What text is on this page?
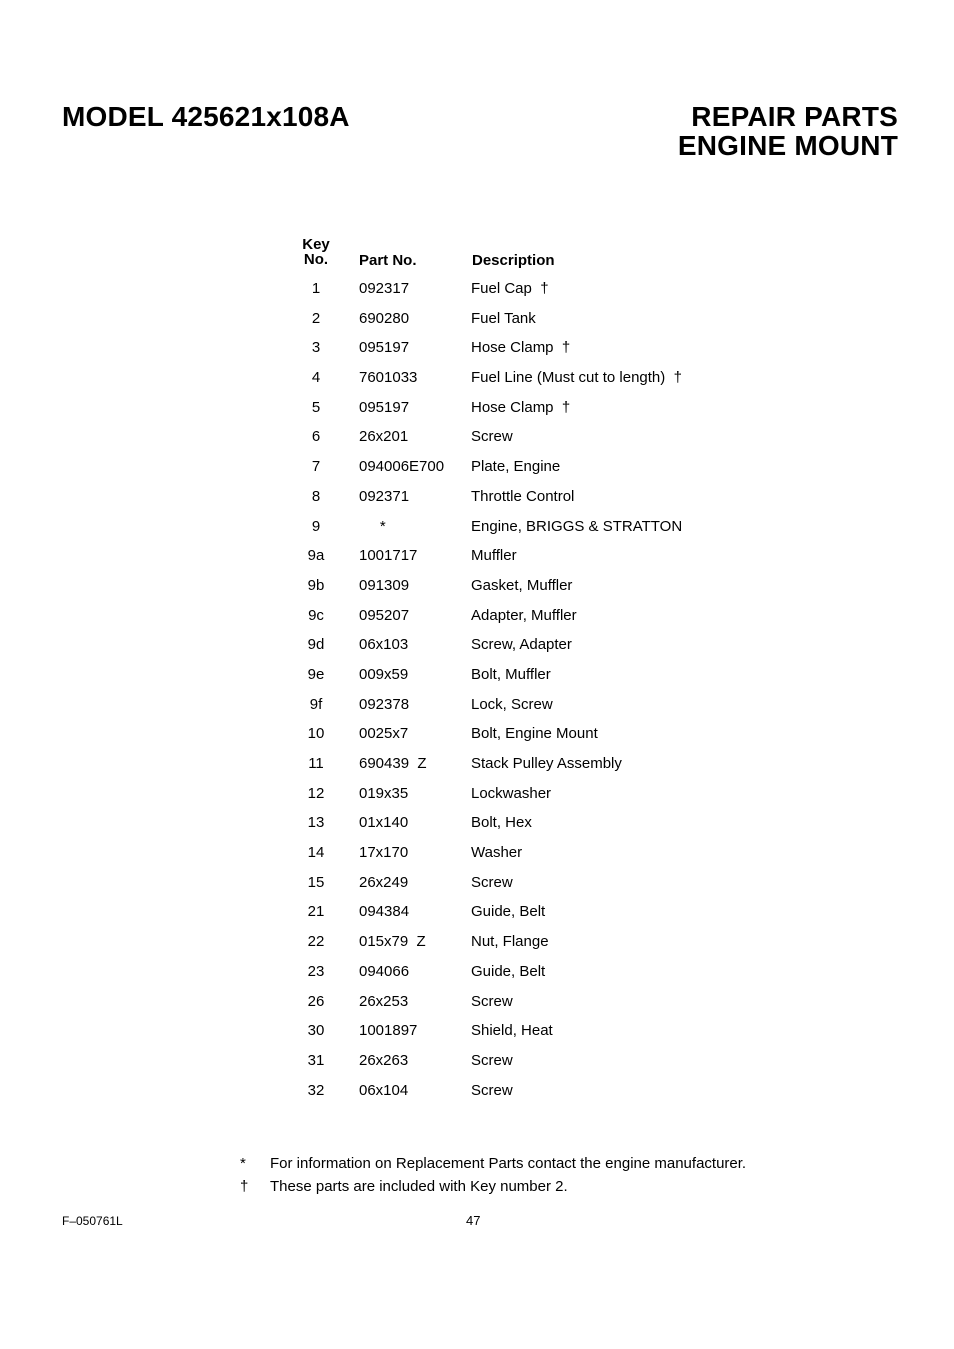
MODEL 425621x108A	REPAIR PARTS
ENGINE MOUNT
Key
No.	Part No.	Description
1	092317	Fuel Cap  †
2	690280	Fuel Tank
3	095197	Hose Clamp  †
4	7601033	Fuel Line (Must cut to length)  †
5	095197	Hose Clamp  †
6	26x201	Screw
7	094006E700 Plate, Engine
8	092371	Throttle Control
9	*	Engine, BRIGGS & STRATTON
9a	1001717	Muffler
9b	091309	Gasket, Muffler
9c	095207	Adapter, Muffler
9d	06x103	Screw, Adapter
9e	009x59	Bolt, Muffler
9f	092378	Lock, Screw
10	0025x7	Bolt, Engine Mount
11	690439  Z	Stack Pulley Assembly
12	019x35	Lockwasher
13	01x140	Bolt, Hex
14	17x170	Washer
15	26x249	Screw
21	094384	Guide, Belt
22	015x79  Z	Nut, Flange
23	094066	Guide, Belt
26	26x253	Screw
30	1001897	Shield, Heat
31	26x263	Screw
32	06x104	Screw
*	For information on Replacement Parts contact the engine manufacturer.
† These parts are included with Key number 2.
F–050761L	47
